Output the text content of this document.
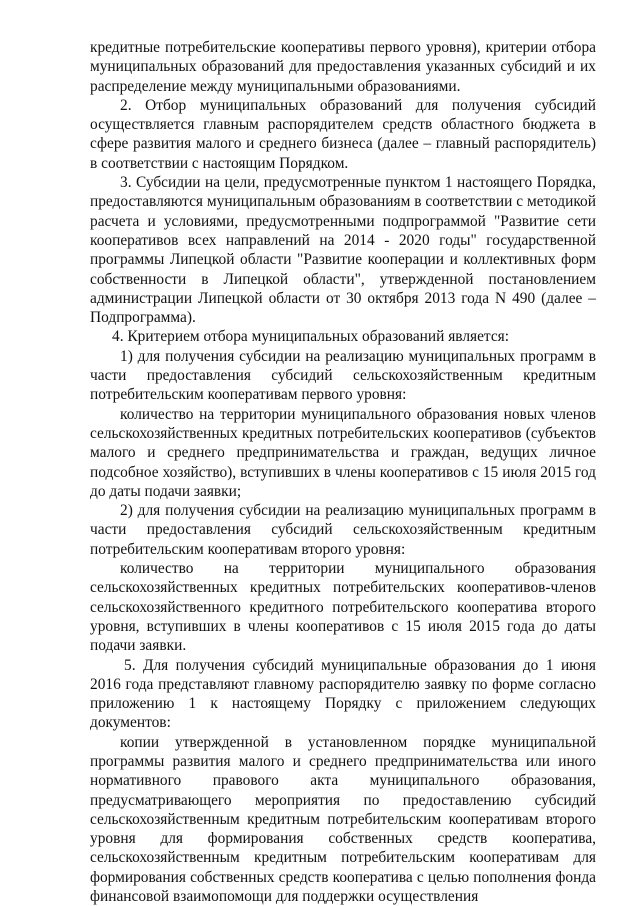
кредитные потребительские кооперативы первого уровня), критерии отбора муниципальных образований для предоставления указанных субсидий и их распределение между муниципальными образованиями.

2. Отбор муниципальных образований для получения субсидий осуществляется главным распорядителем средств областного бюджета в сфере развития малого и среднего бизнеса (далее – главный распорядитель) в соответствии с настоящим Порядком.

3. Субсидии на цели, предусмотренные пунктом 1 настоящего Порядка, предоставляются муниципальным образованиям в соответствии с методикой расчета и условиями, предусмотренными подпрограммой "Развитие сети кооперативов всех направлений на 2014 - 2020 годы" государственной программы Липецкой области "Развитие кооперации и коллективных форм собственности в Липецкой области", утвержденной постановлением администрации Липецкой области от 30 октября 2013 года N 490 (далее – Подпрограмма).

4. Критерием отбора муниципальных образований является:

1) для получения субсидии на реализацию муниципальных программ в части предоставления субсидий сельскохозяйственным кредитным потребительским кооперативам первого уровня:

количество на территории муниципального образования новых членов сельскохозяйственных кредитных потребительских кооперативов (субъектов малого и среднего предпринимательства и граждан, ведущих личное подсобное хозяйство), вступивших в члены кооперативов с 15 июля 2015 год до даты подачи заявки;

2) для получения субсидии на реализацию муниципальных программ в части предоставления субсидий сельскохозяйственным кредитным потребительским кооперативам второго уровня:

количество на территории муниципального образования сельскохозяйственных кредитных потребительских кооперативов-членов сельскохозяйственного кредитного потребительского кооператива второго уровня, вступивших в члены кооперативов с 15 июля 2015 года до даты подачи заявки.

5. Для получения субсидий муниципальные образования до 1 июня 2016 года представляют главному распорядителю заявку по форме согласно приложению 1 к настоящему Порядку с приложением следующих документов:

копии утвержденной в установленном порядке муниципальной программы развития малого и среднего предпринимательства или иного нормативного правового акта муниципального образования, предусматривающего мероприятия по предоставлению субсидий сельскохозяйственным кредитным потребительским кооперативам второго уровня для формирования собственных средств кооператива, сельскохозяйственным кредитным потребительским кооперативам для формирования собственных средств кооператива с целью пополнения фонда финансовой взаимопомощи для поддержки осуществления
